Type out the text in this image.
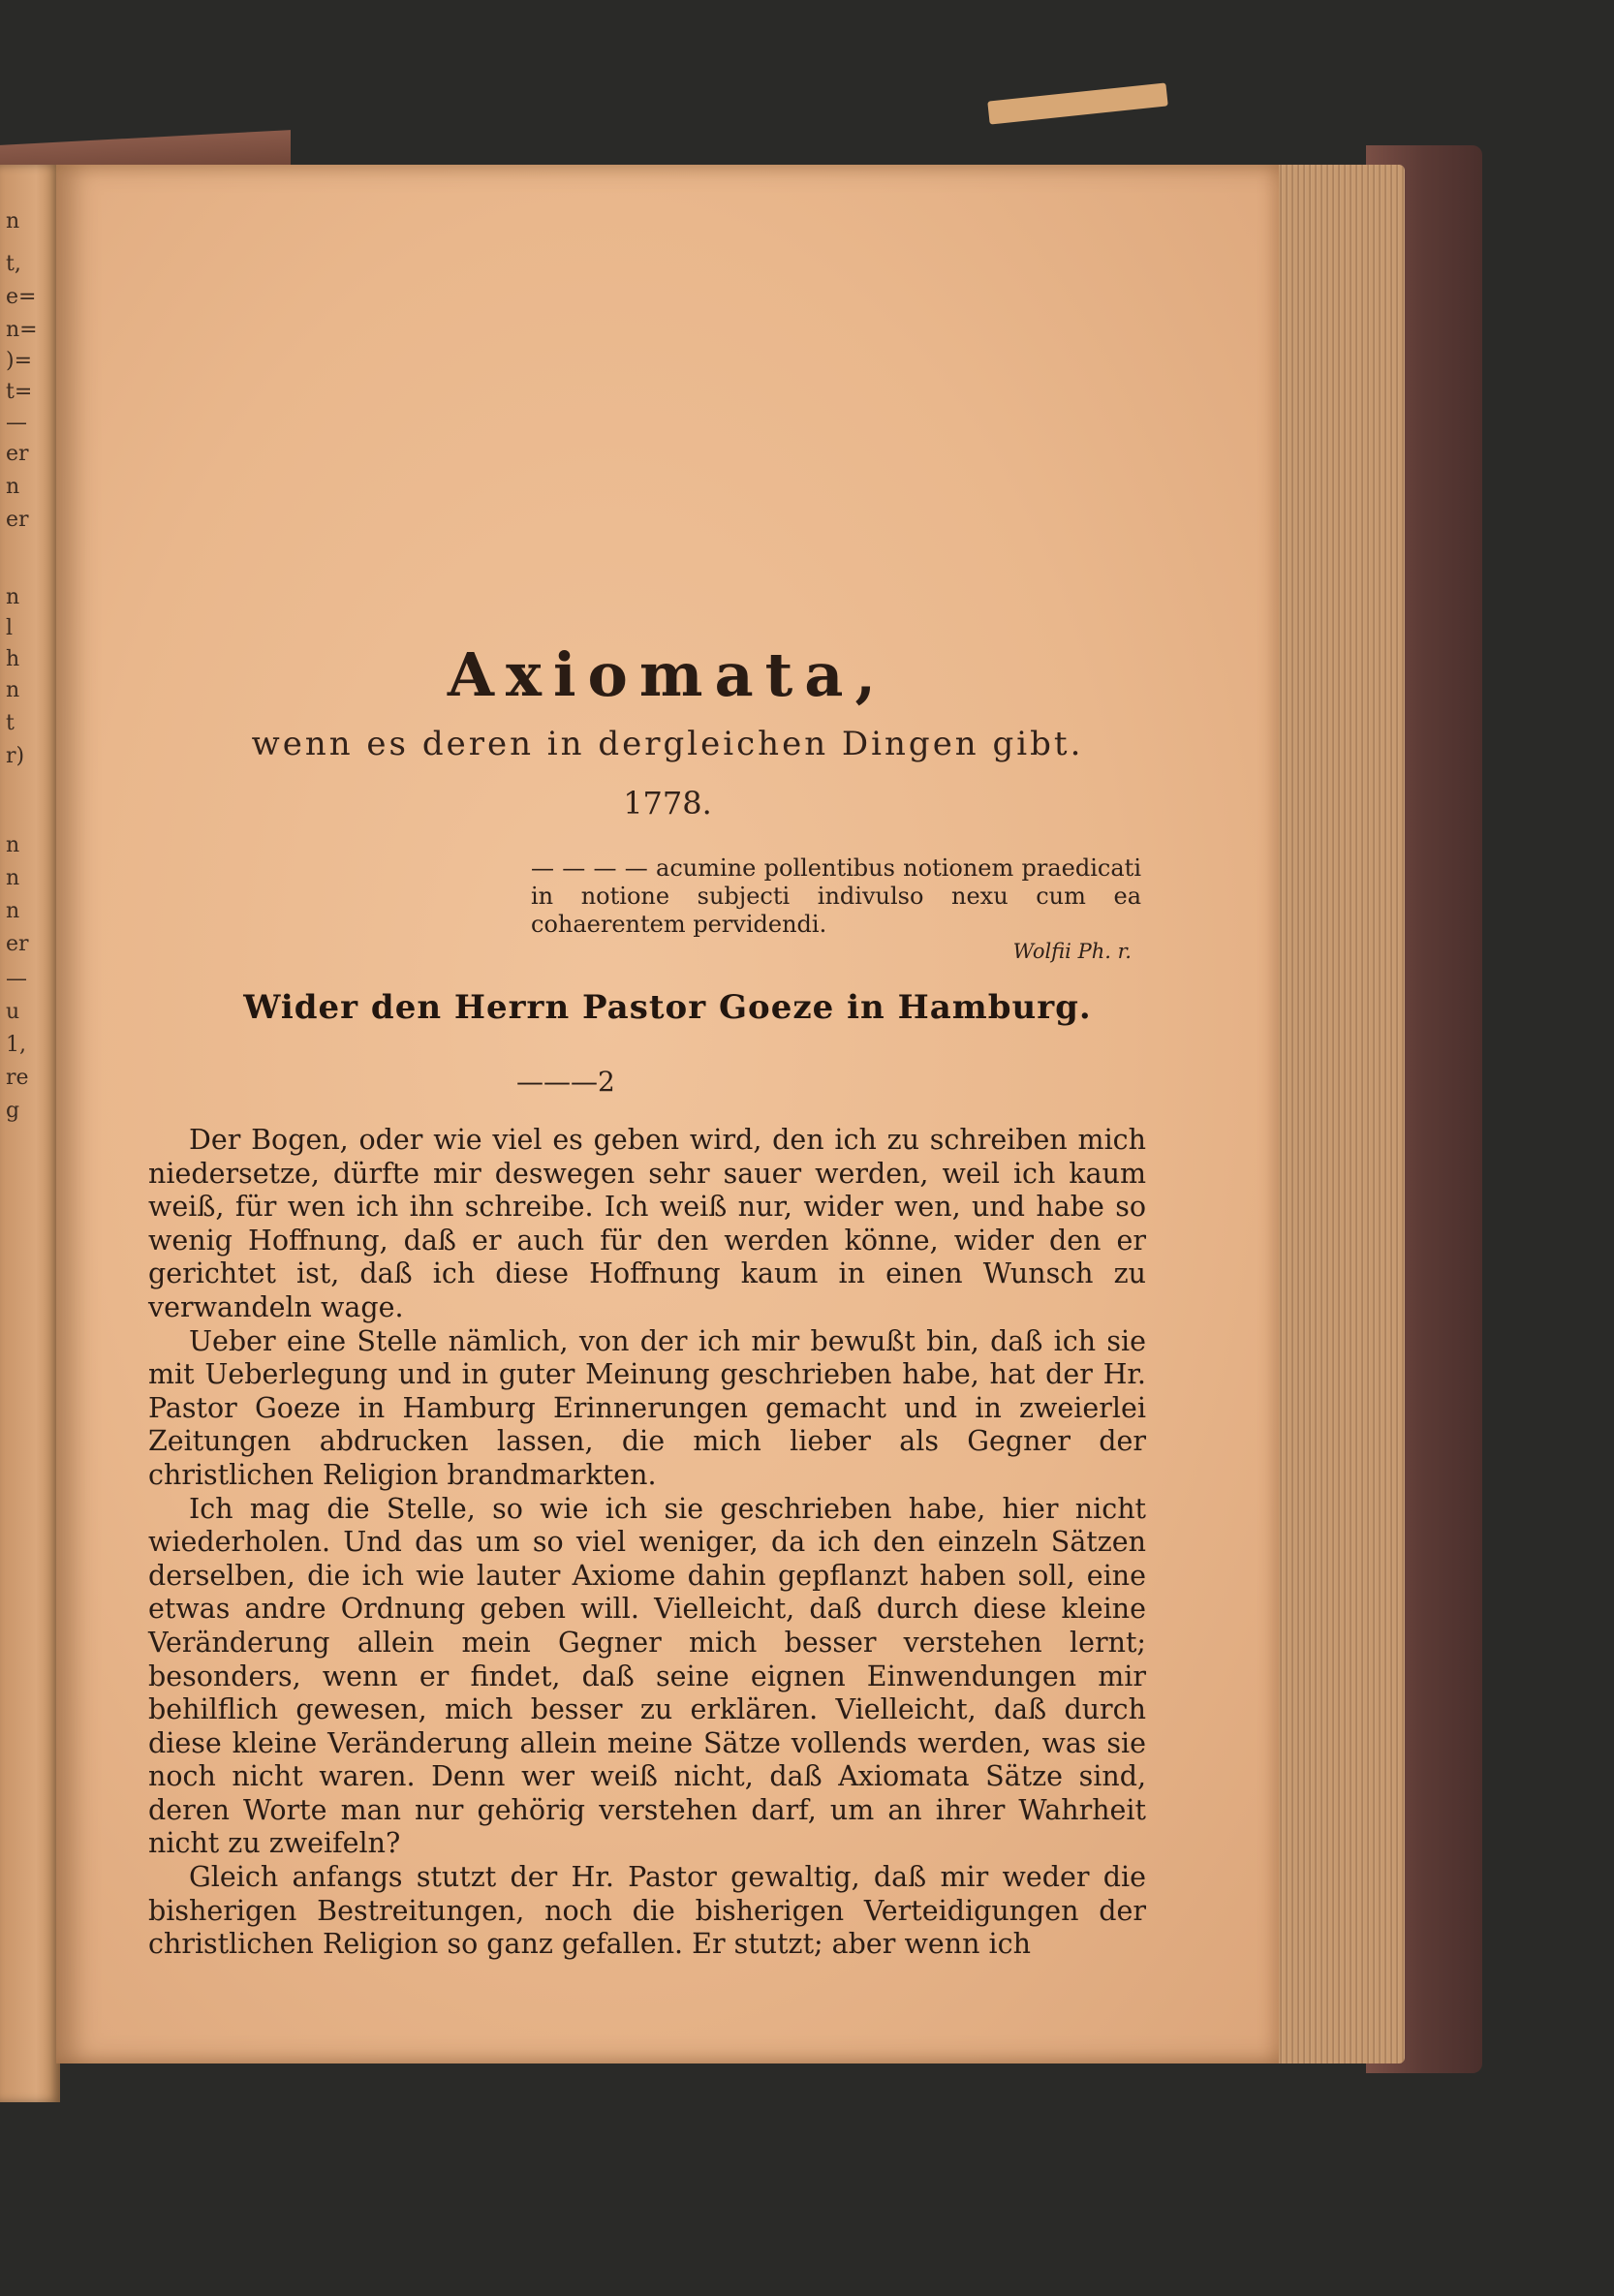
n
t,
e=
n=
)=
t=
—
er
n
er
n
l
h
n
t
r)
n
n
n
er
—
u
1,
re
g
Axiomata,
wenn es deren in dergleichen Dingen gibt.
1778.
— — — — acumine pollentibus notionem praedicati in notione subjecti indivulso nexu cum ea cohaerentem pervidendi.
Wolfii Ph. r.
Wider den Herrn Pastor Goeze in Hamburg.
———2

Der Bogen, oder wie viel es geben wird, den ich zu schreiben mich niedersetze, dürfte mir deswegen sehr sauer werden, weil ich kaum weiß, für wen ich ihn schreibe. Ich weiß nur, wider wen, und habe so wenig Hoffnung, daß er auch für den werden könne, wider den er gerichtet ist, daß ich diese Hoffnung kaum in einen Wunsch zu verwandeln wage.

Ueber eine Stelle nämlich, von der ich mir bewußt bin, daß ich sie mit Ueberlegung und in guter Meinung geschrieben habe, hat der Hr. Pastor Goeze in Hamburg Erinnerungen gemacht und in zweierlei Zeitungen abdrucken lassen, die mich lieber als Gegner der christlichen Religion brandmarkten.

Ich mag die Stelle, so wie ich sie geschrieben habe, hier nicht wiederholen. Und das um so viel weniger, da ich den einzeln Sätzen derselben, die ich wie lauter Axiome dahin gepflanzt haben soll, eine etwas andre Ordnung geben will. Vielleicht, daß durch diese kleine Veränderung allein mein Gegner mich besser verstehen lernt; besonders, wenn er findet, daß seine eignen Einwendungen mir behilflich gewesen, mich besser zu erklären. Vielleicht, daß durch diese kleine Veränderung allein meine Sätze vollends werden, was sie noch nicht waren. Denn wer weiß nicht, daß Axiomata Sätze sind, deren Worte man nur gehörig verstehen darf, um an ihrer Wahrheit nicht zu zweifeln?

Gleich anfangs stutzt der Hr. Pastor gewaltig, daß mir weder die bisherigen Bestreitungen, noch die bisherigen Verteidigungen der christlichen Religion so ganz gefallen. Er stutzt; aber wenn ich
